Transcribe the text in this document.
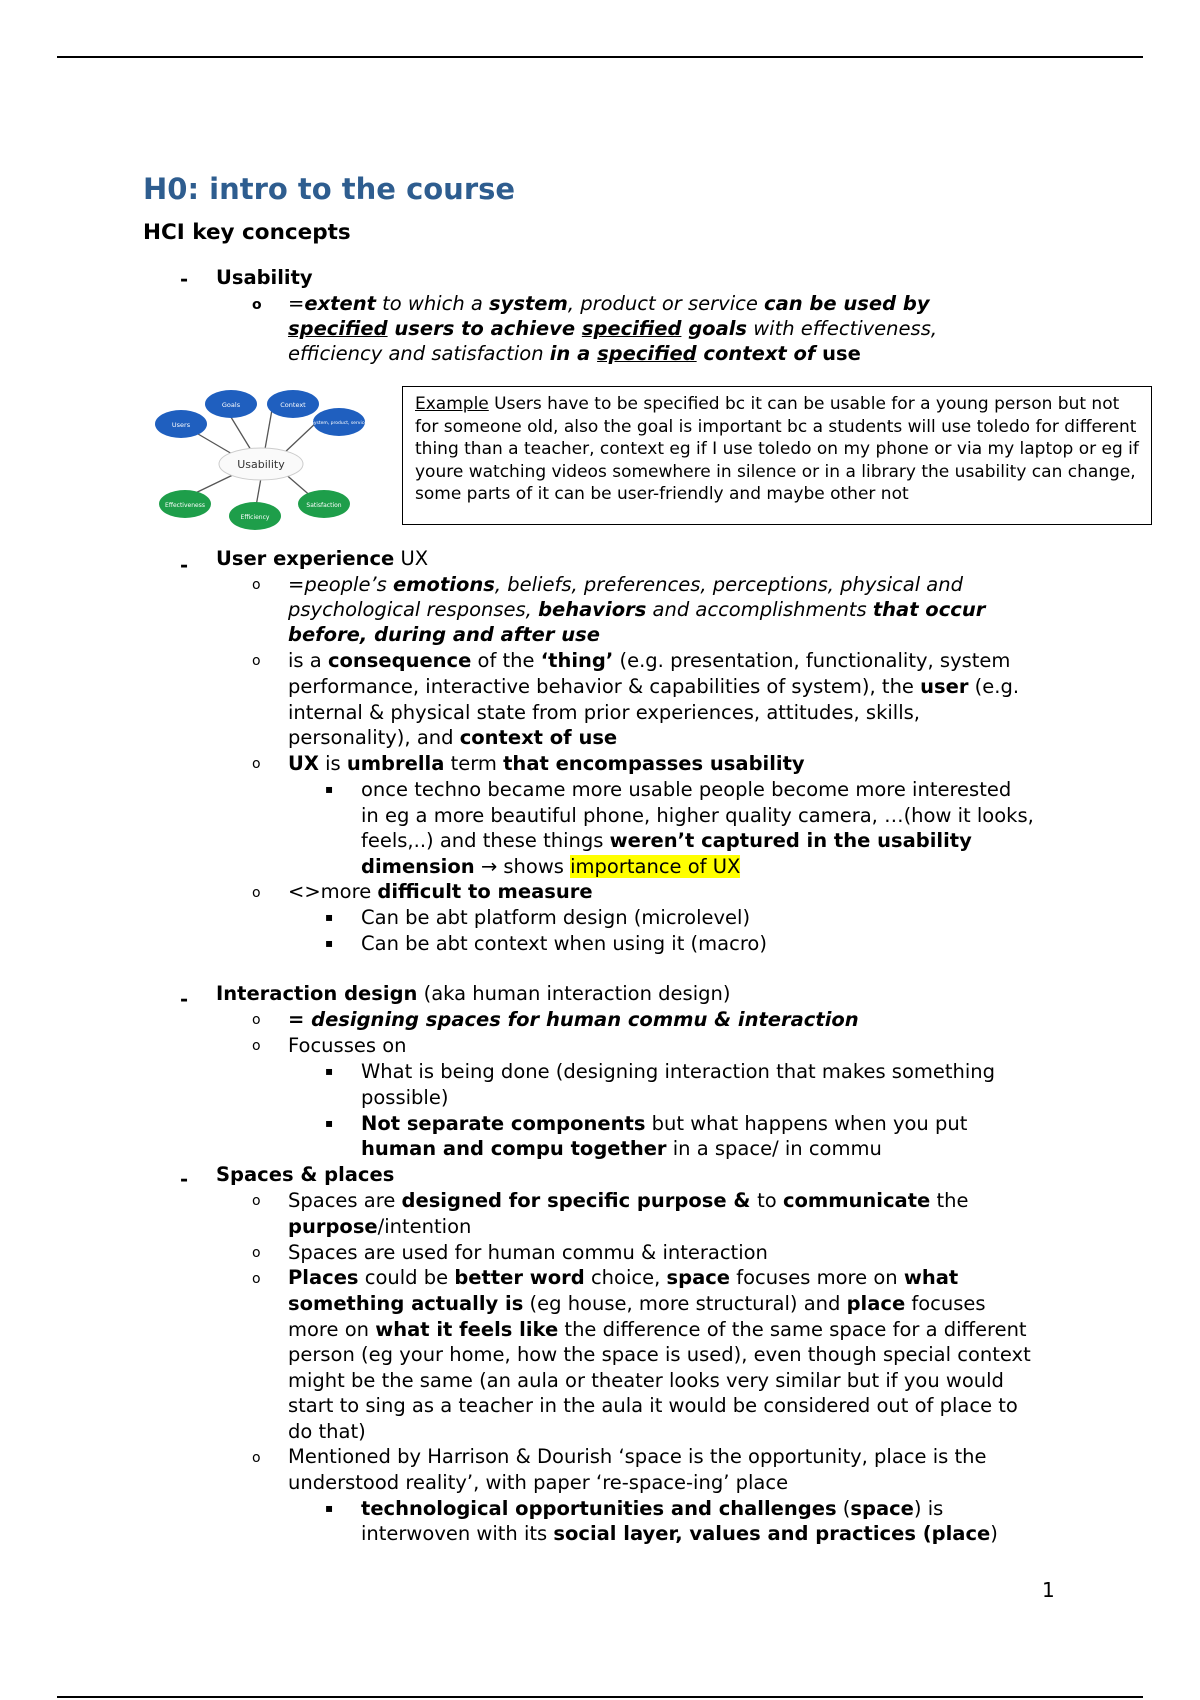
H0: intro to the course
HCI key concepts
- Usability
o =extent to which a system, product or service can be used by
specified users to achieve specified goals with effectiveness,
efficiency and satisfaction in a specified context of use
Usability
Users
Goals	Context
System, product, service
Effectiveness
Efficiency
Satisfaction
Example Users have to be specified bc it can be usable for a young person but not for someone old, also the goal is important bc a students will use toledo for different thing than a teacher, context eg if I use toledo on my phone or via my laptop or eg if youre watching videos somewhere in silence or in a library the usability can change, some parts of it can be user-friendly and maybe other not
- User experience UX
o =people’s emotions, beliefs, preferences, perceptions, physical and
psychological responses, behaviors and accomplishments that occur
before, during and after use
o is a consequence of the ‘thing’ (e.g. presentation, functionality, system
performance, interactive behavior & capabilities of system), the user (e.g.
internal & physical state from prior experiences, attitudes, skills,
personality), and context of use
o UX is umbrella term that encompasses usability
▪ once techno became more usable people become more interested
in eg a more beautiful phone, higher quality camera, …(how it looks,
feels,..) and these things weren’t captured in the usability
dimension → shows importance of UX
o <>more difficult to measure
▪ Can be abt platform design (microlevel)
▪ Can be abt context when using it (macro)
- Interaction design (aka human interaction design)
o = designing spaces for human commu & interaction
o Focusses on
▪ What is being done (designing interaction that makes something
possible)
▪ Not separate components but what happens when you put
human and compu together in a space/ in commu
- Spaces & places
o Spaces are designed for specific purpose & to communicate the
purpose/intention
o Spaces are used for human commu & interaction
o Places could be better word choice, space focuses more on what
something actually is (eg house, more structural) and place focuses
more on what it feels like the difference of the same space for a different
person (eg your home, how the space is used), even though special context
might be the same (an aula or theater looks very similar but if you would
start to sing as a teacher in the aula it would be considered out of place to
do that)
o Mentioned by Harrison & Dourish ‘space is the opportunity, place is the
understood reality’, with paper ‘re-space-ing’ place
▪ technological opportunities and challenges (space) is
interwoven with its social layer, values and practices (place)
1
